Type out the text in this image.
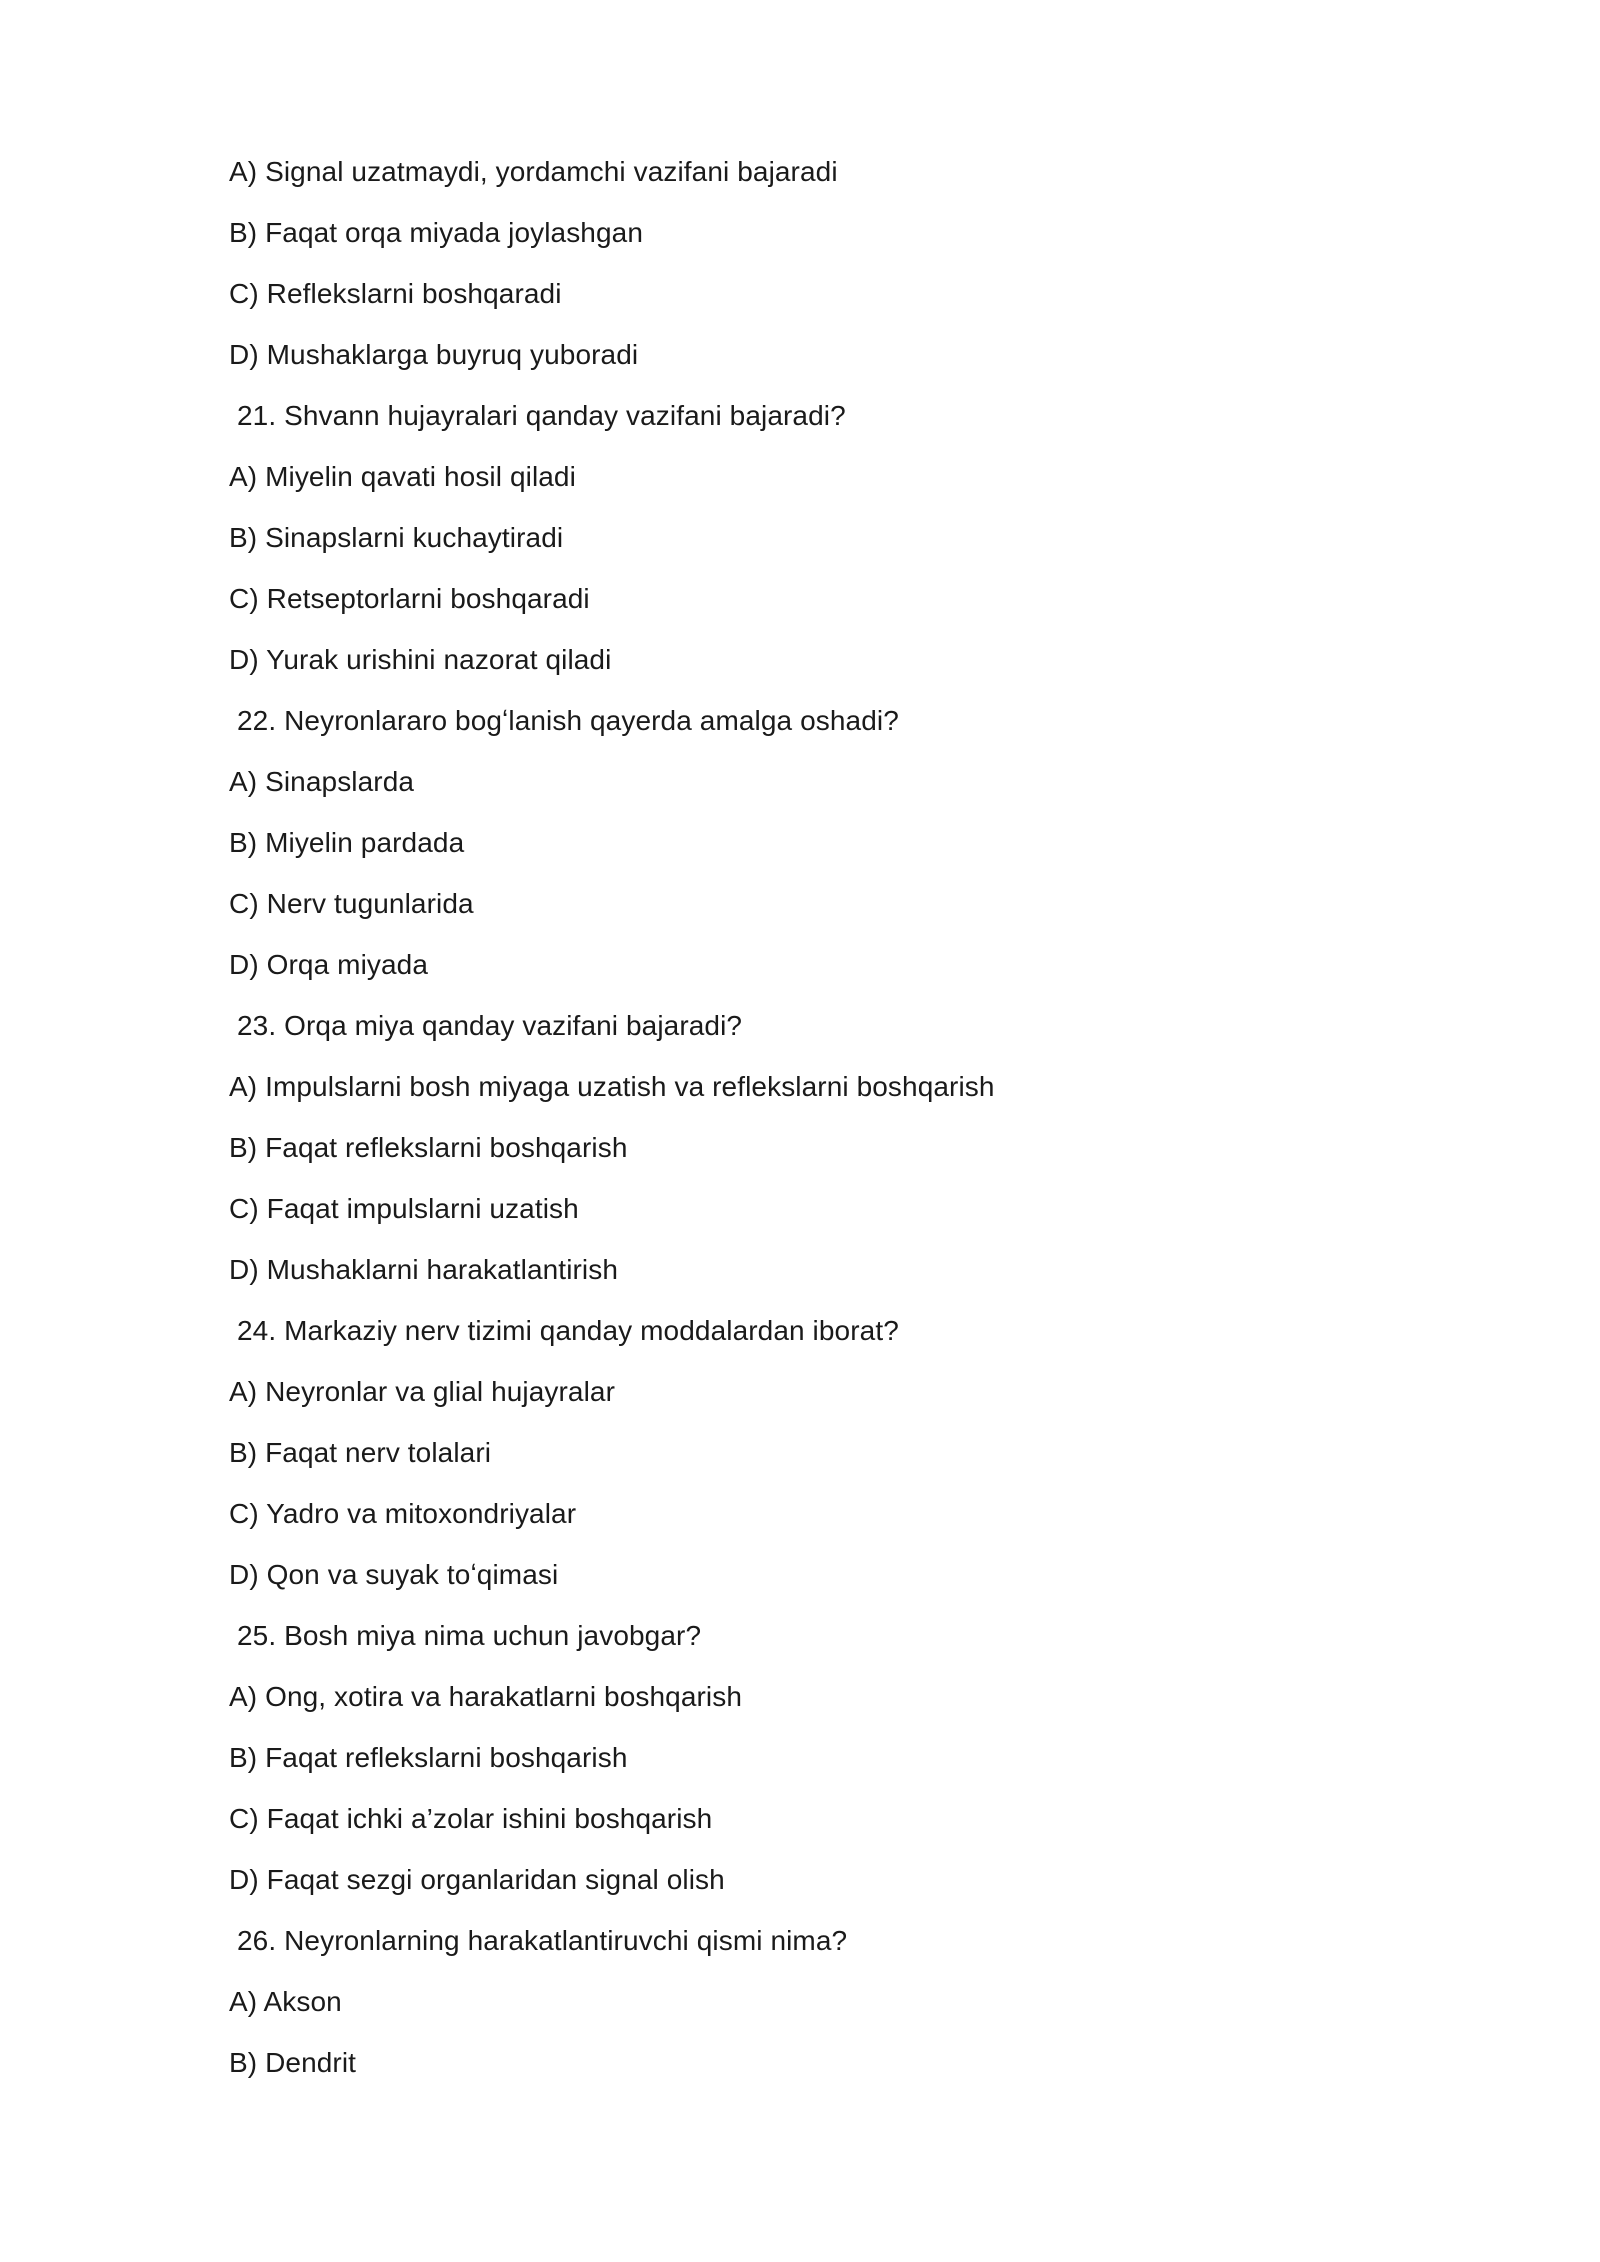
A) Signal uzatmaydi, yordamchi vazifani bajaradi
B) Faqat orqa miyada joylashgan
C) Reflekslarni boshqaradi
D) Mushaklarga buyruq yuboradi
21. Shvann hujayralari qanday vazifani bajaradi?
A) Miyelin qavati hosil qiladi
B) Sinapslarni kuchaytiradi
C) Retseptorlarni boshqaradi
D) Yurak urishini nazorat qiladi
22. Neyronlararo bogʻlanish qayerda amalga oshadi?
A) Sinapslarda
B) Miyelin pardada
C) Nerv tugunlarida
D) Orqa miyada
23. Orqa miya qanday vazifani bajaradi?
A) Impulslarni bosh miyaga uzatish va reflekslarni boshqarish
B) Faqat reflekslarni boshqarish
C) Faqat impulslarni uzatish
D) Mushaklarni harakatlantirish
24. Markaziy nerv tizimi qanday moddalardan iborat?
A) Neyronlar va glial hujayralar
B) Faqat nerv tolalari
C) Yadro va mitoxondriyalar
D) Qon va suyak toʻqimasi
25. Bosh miya nima uchun javobgar?
A) Ong, xotira va harakatlarni boshqarish
B) Faqat reflekslarni boshqarish
C) Faqat ichki a’zolar ishini boshqarish
D) Faqat sezgi organlaridan signal olish
26. Neyronlarning harakatlantiruvchi qismi nima?
A) Akson
B) Dendrit
